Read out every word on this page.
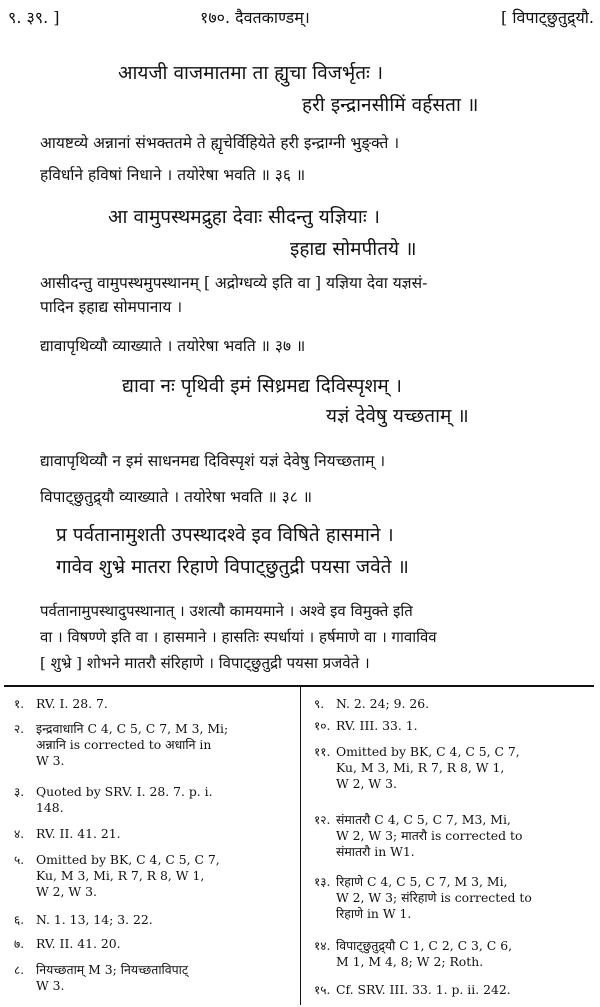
९. ३९. ]	१७०. दैवतकाण्डम्।	[ विपाट्छुतुद्र्यौ.
आयजी वाजमातमा ता ह्युचा विजर्भृतः ।
हरी इन्द्रानसीमिं वर्हसता ॥
आयष्टव्ये अन्नानां संभक्ततमे ते ह्यृचेर्विहियेते हरी इन्द्राग्नी भुङ्क्ते ।
हविर्धाने हविषां निधाने । तयोरेषा भवति ॥ ३६ ॥
आ वामुपस्थमद्रुहा देवाः सीदन्तु यज्ञियाः ।
इहाद्य सोमपीतये ॥
आसीदन्तु वामुपस्थमुपस्थानम् [ अद्रोग्धव्ये इति वा ] यज्ञिया देवा यज्ञसं-
पादिन इहाद्य सोमपानाय ।
द्यावापृथिव्यौ व्याख्याते । तयोरेषा भवति ॥ ३७ ॥
द्यावा नः पृथिवी इमं सिध्रमद्य दिविस्पृशम् ।
यज्ञं देवेषु यच्छताम् ॥
द्यावापृथिव्यौ न इमं साधनमद्य दिविस्पृशं यज्ञं देवेषु नियच्छताम् ।
विपाट्छुतुद्र्यौ व्याख्याते । तयोरेषा भवति ॥ ३८ ॥
प्र पर्वतानामुशती उपस्थादश्वे इव विषिते हासमाने ।
गावेव शुभ्रे मातरा रिहाणे विपाट्छुतुद्री पयसा जवेते ॥
पर्वतानामुपस्थादुपस्थानात् । उशत्यौ कामयमाने । अश्वे इव विमुक्ते इति
वा । विषण्णे इति वा । हासमाने । हासतिः स्पर्धायां । हर्षमाणे वा । गावाविव
[ शुभ्रे ] शोभने मातरौ संरिहाणे । विपाट्छुतुद्री पयसा प्रजवेते ।
१. RV. I. 28. 7.
२. इन्द्रवाधानि C 4, C 5, C 7, M 3, Mi;
अन्नानि is corrected to अधानि in
W 3.
३. Quoted by SRV. I. 28. 7. p. i.
148.
४. RV. II. 41. 21.
५. Omitted by BK, C 4, C 5, C 7,
Ku, M 3, Mi, R 7, R 8, W 1,
W 2, W 3.
६. N. 1. 13, 14; 3. 22.
७. RV. II. 41. 20.
८. नियच्छताम् M 3; नियच्छताविपाट्
W 3.
९. N. 2. 24; 9. 26.
१०. RV. III. 33. 1.
११. Omitted by BK, C 4, C 5, C 7,
Ku, M 3, Mi, R 7, R 8, W 1,
W 2, W 3.
१२. संमातरौ C 4, C 5, C 7, M3, Mi,
W 2, W 3; मातरौ is corrected to
संमातरौ in W1.
१३. रिहाणे C 4, C 5, C 7, M 3, Mi,
W 2, W 3; संरिहाणे is corrected to
रिहाणे in W 1.
१४. विपाट्छुतुद्र्यौ C 1, C 2, C 3, C 6,
M 1, M 4, 8; W 2; Roth.
१५. Cf. SRV. III. 33. 1. p. ii. 242.
